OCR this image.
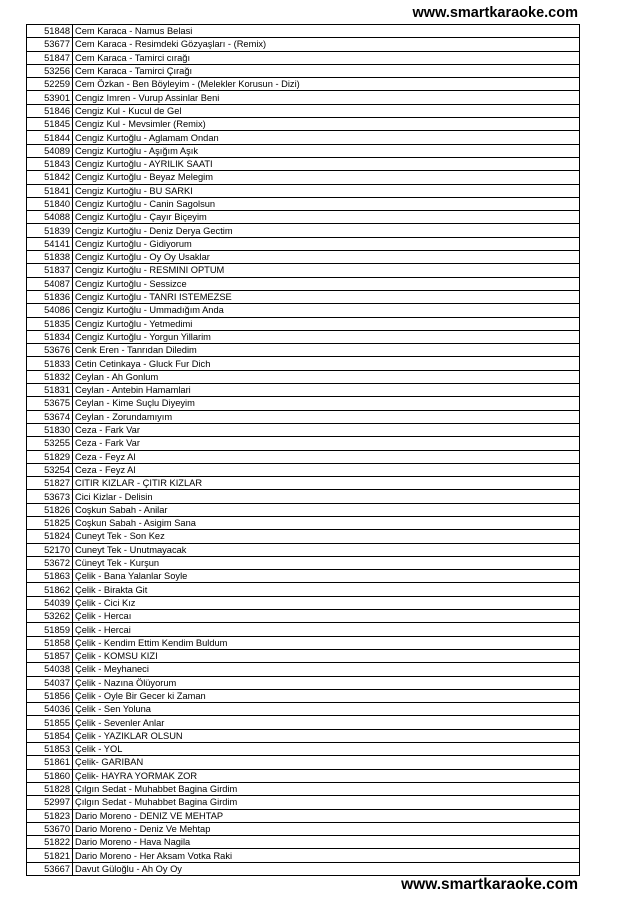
www.smartkaraoke.com
51848	Cem Karaca - Namus Belasi
53677	Cem Karaca - Resimdeki Gözyaşları - (Remix)
51847	Cem Karaca - Tamirci cırağı
53256	Cem Karaca - Tamirci Çırağı
52259	Cem Özkan - Ben Böyleyim - (Melekler Korusun - Dizi)
53901	Cengiz Imren - Vurup Assinlar Beni
51846	Cengiz Kul - Kucul de Gel
51845	Cengiz Kul - Mevsimler (Remix)
51844	Cengiz Kurtoğlu - Aglamam Ondan
54089	Cengiz Kurtoğlu - Aşığım Aşık
51843	Cengiz Kurtoğlu - AYRILIK SAATI
51842	Cengiz Kurtoğlu - Beyaz Melegim
51841	Cengiz Kurtoğlu - BU SARKI
51840	Cengiz Kurtoğlu - Canin Sagolsun
54088	Cengiz Kurtoğlu - Çayır Biçeyim
51839	Cengiz Kurtoğlu - Deniz Derya Gectim
54141	Cengiz Kurtoğlu - Gidiyorum
51838	Cengiz Kurtoğlu - Oy Oy Usaklar
51837	Cengiz Kurtoğlu - RESMINI OPTUM
54087	Cengiz Kurtoğlu - Sessizce
51836	Cengiz Kurtoğlu - TANRI ISTEMEZSE
54086	Cengiz Kurtoğlu - Ummadığım Anda
51835	Cengiz Kurtoğlu - Yetmedimi
51834	Cengiz Kurtoğlu - Yorgun Yillarim
53676	Cenk Eren - Tanrıdan Diledim
51833	Cetin Cetinkaya - Gluck Fur Dich
51832	Ceylan - Ah Gonlum
51831	Ceylan - Antebin Hamamlari
53675	Ceylan - Kime Suçlu Diyeyim
53674	Ceylan - Zorundamıyım
51830	Ceza - Fark Var
53255	Ceza - Fark Var
51829	Ceza - Feyz Al
53254	Ceza - Feyz Al
51827	CITIR KIZLAR - ÇITIR KIZLAR
53673	Cici Kizlar - Delisin
51826	Coşkun Sabah - Anilar
51825	Coşkun Sabah - Asigim Sana
51824	Cuneyt Tek - Son Kez
52170	Cuneyt Tek - Unutmayacak
53672	Cüneyt Tek - Kurşun
51863	Çelik - Bana Yalanlar Soyle
51862	Çelik - Birakta Git
54039	Çelik - Cici Kız
53262	Çelik - Hercaı
51859	Çelik - Hercai
51858	Çelik - Kendim Ettim Kendim Buldum
51857	Çelik - KOMSU KIZI
54038	Çelik - Meyhaneci
54037	Çelik - Nazına Ölüyorum
51856	Çelik - Oyle Bir Gecer ki Zaman
54036	Çelik - Sen Yoluna
51855	Çelik - Sevenler Anlar
51854	Çelik - YAZIKLAR OLSUN
51853	Çelik - YOL
51861	Çelik- GARIBAN
51860	Çelik- HAYRA YORMAK ZOR
51828	Çılgın Sedat - Muhabbet Bagina Girdim
52997	Çılgın Sedat - Muhabbet Bagina Girdim
51823	Dario Moreno - DENIZ VE MEHTAP
53670	Dario Moreno - Deniz Ve Mehtap
51822	Dario Moreno - Hava Nagila
51821	Dario Moreno - Her Aksam Votka Raki
53667	Davut Güloğlu - Ah Oy Oy
www.smartkaraoke.com
